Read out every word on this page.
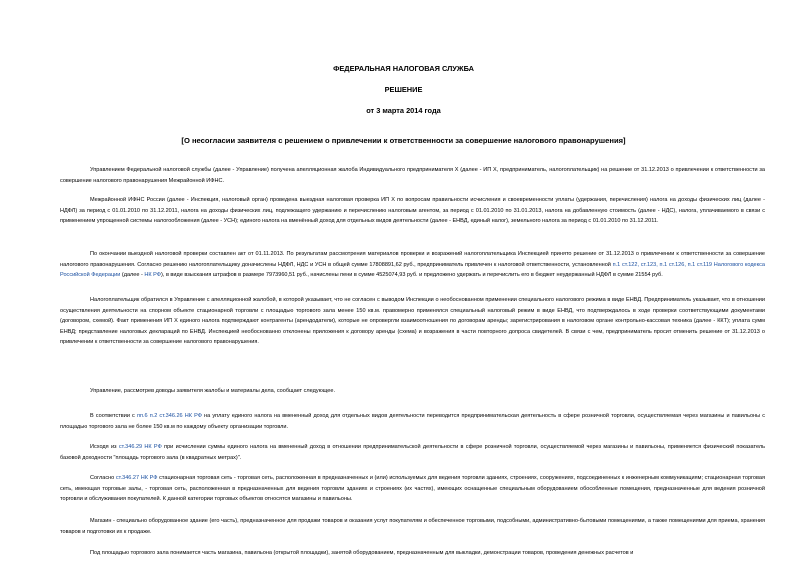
ФЕДЕРАЛЬНАЯ НАЛОГОВАЯ СЛУЖБА
РЕШЕНИЕ
от 3 марта 2014 года
[О несогласии заявителя с решением о привлечении к ответственности за совершение налогового правонарушения]

Управлением Федеральной налоговой службы (далее - Управление) получена апелляционная жалоба Индивидуального предпринимателя X (далее - ИП X, предприниматель, налогоплательщик) на решение от 31.12.2013 о привлечении к ответственности за совершение налогового правонарушения Межрайонной ИФНС.

Межрайонной ИФНС России (далее - Инспекция, налоговый орган) проведена выездная налоговая проверка ИП X по вопросам правильности исчисления и своевременности уплаты (удержания, перечисления) налога на доходы физических лиц (далее - НДФЛ) за период с 01.01.2010 по 31.12.2011, налога на доходы физических лиц, подлежащего удержанию и перечислению налоговым агентом, за период с 01.01.2010 по 31.01.2013, налога на добавленную стоимость (далее - НДС), налога, уплачиваемого в связи с применением упрощенной системы налогообложения (далее - УСН); единого налога на вменённый доход для отдельных видов деятельности (далее - ЕНВД, единый налог), земельного налога за период с 01.01.2010 по 31.12.2011.

По окончании выездной налоговой проверки составлен акт от 01.11.2013. По результатам рассмотрения материалов проверки и возражений налогоплательщика Инспекцией принято решение от 31.12.2013 о привлечении к ответственности за совершение налогового правонарушения. Согласно решению налогоплательщику доначислены НДФЛ, НДС и УСН в общей сумме 17808891,62 руб., предприниматель привлечен к налоговой ответственности, установленной п.1 ст.122, ст.123, п.1 ст.126, п.1 ст.119 Налогового кодекса Российской Федерации (далее - НК РФ), в виде взыскания штрафов в размере 7973960,51 руб., начислены пени в сумме 4525074,93 руб. и предложено удержать и перечислить его в бюджет неудержанный НДФЛ в сумме 21554 руб.

Налогоплательщик обратился в Управление с апелляционной жалобой, в которой указывает, что не согласен с выводом Инспекции о необоснованном применении специального налогового режима в виде ЕНВД. Предприниматель указывает, что в отношении осуществления деятельности на спорном объекте стационарной торговли с площадью торгового зала менее 150 кв.м. правомерно применялся специальный налоговый режим в виде ЕНВД, что подтверждалось в ходе проверки соответствующими документами (договором, схемой). Факт применения ИП X единого налога подтверждают контрагенты (арендодатели), которые не опровергли взаимоотношения по договорам аренды; зарегистрирования в налоговом органе контрольно-кассовая техника (далее - ККТ); уплата сумм ЕНВД; представление налоговых деклараций по ЕНВД. Инспекцией необоснованно отклонены приложения к договору аренды (схема) и возражения в части повторного допроса свидетелей. В связи с чем, предприниматель просит отменить решение от 31.12.2013 о привлечении к ответственности за совершение налогового правонарушения.

Управление, рассмотрев доводы заявителя жалобы и материалы дела, сообщает следующее.

В соответствии с пп.6 п.2 ст.346.26 НК РФ на уплату единого налога на вмененный доход для отдельных видов деятельности переводится предпринимательская деятельность в сфере розничной торговли, осуществляемая через магазины и павильоны с площадью торгового зала не более 150 кв.м по каждому объекту организации торговли.

Исходя из ст.346.29 НК РФ при исчислении суммы единого налога на вмененный доход в отношении предпринимательской деятельности в сфере розничной торговли, осуществляемой через магазины и павильоны, применяется физический показатель базовой доходности "площадь торгового зала (в квадратных метрах)".

Согласно ст.346.27 НК РФ стационарная торговая сеть - торговая сеть, расположенная в предназначенных и (или) используемых для ведения торговли зданиях, строениях, сооружениях, подсоединенных к инженерным коммуникациям; стационарная торговая сеть, имеющая торговые залы, - торговая сеть, расположенная в предназначенных для ведения торговли зданиях и строениях (их частях), имеющих оснащенные специальным оборудованием обособленные помещения, предназначенные для ведения розничной торговли и обслуживания покупателей. К данной категории торговых объектов относятся магазины и павильоны.

Магазин - специально оборудованное здание (его часть), предназначенное для продажи товаров и оказания услуг покупателям и обеспеченное торговыми, подсобными, административно-бытовыми помещениями, а также помещениями для приема, хранения товаров и подготовки их к продаже.

Под площадью торгового зала понимается часть магазина, павильона (открытой площадки), занятой оборудованием, предназначенным для выкладки, демонстрации товаров, проведения денежных расчетов и
